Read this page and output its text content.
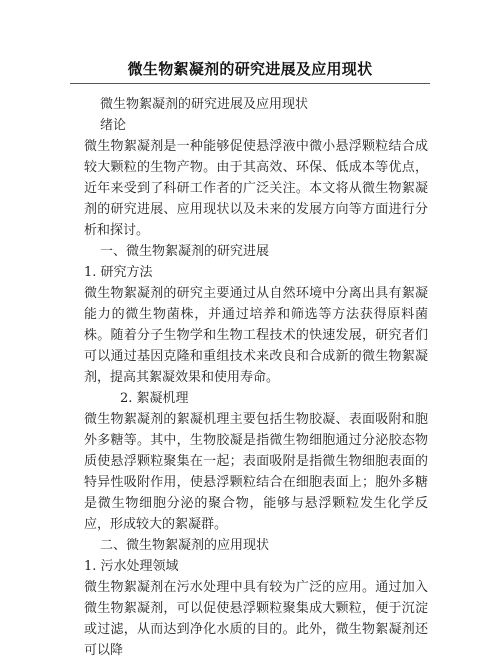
微生物絮凝剂的研究进展及应用现状

微生物絮凝剂的研究进展及应用现状

绪论

微生物絮凝剂是一种能够促使悬浮液中微小悬浮颗粒结合成较大颗粒的生物产物。由于其高效、环保、低成本等优点，近年来受到了科研工作者的广泛关注。本文将从微生物絮凝剂的研究进展、应用现状以及未来的发展方向等方面进行分析和探讨。

一、微生物絮凝剂的研究进展

1. 研究方法

微生物絮凝剂的研究主要通过从自然环境中分离出具有絮凝能力的微生物菌株，并通过培养和筛选等方法获得原料菌株。随着分子生物学和生物工程技术的快速发展，研究者们可以通过基因克隆和重组技术来改良和合成新的微生物絮凝剂，提高其絮凝效果和使用寿命。

2. 絮凝机理

微生物絮凝剂的絮凝机理主要包括生物胶凝、表面吸附和胞外多糖等。其中，生物胶凝是指微生物细胞通过分泌胶态物质使悬浮颗粒聚集在一起；表面吸附是指微生物细胞表面的特异性吸附作用，使悬浮颗粒结合在细胞表面上；胞外多糖是微生物细胞分泌的聚合物，能够与悬浮颗粒发生化学反应，形成较大的絮凝群。

二、微生物絮凝剂的应用现状

1. 污水处理领域

微生物絮凝剂在污水处理中具有较为广泛的应用。通过加入微生物絮凝剂，可以促使悬浮颗粒聚集成大颗粒，便于沉淀或过滤，从而达到净化水质的目的。此外，微生物絮凝剂还可以降
